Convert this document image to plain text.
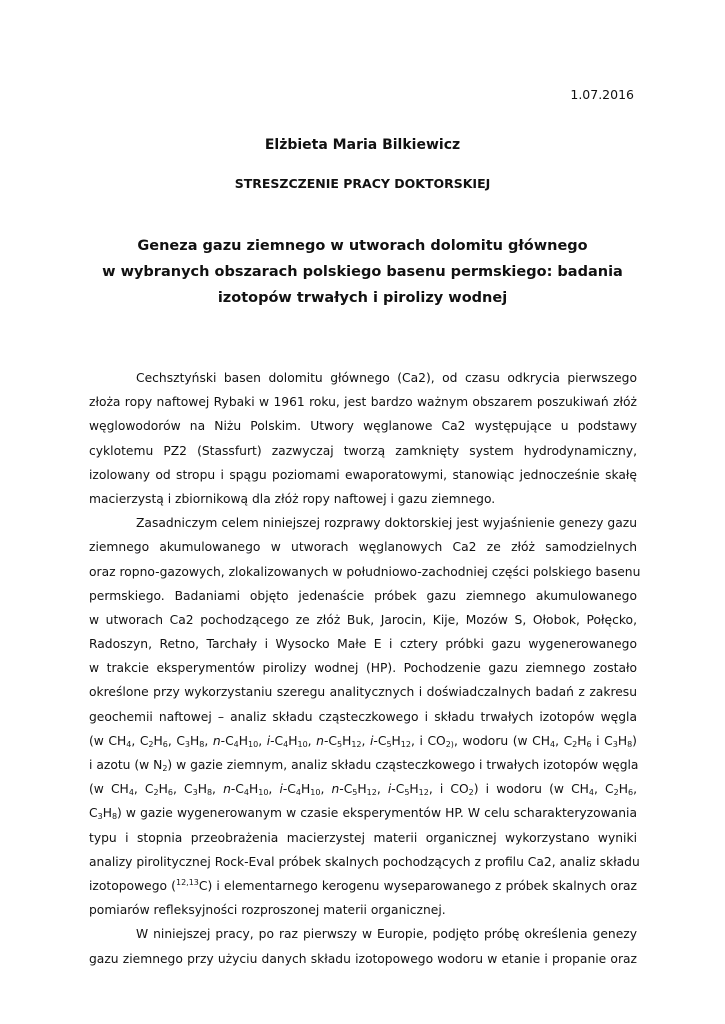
1.07.2016
Elżbieta Maria Bilkiewicz
STRESZCZENIE PRACY DOKTORSKIEJ
Geneza gazu ziemnego w utworach dolomitu głównego
w wybranych obszarach polskiego basenu permskiego: badania
izotopów trwałych i pirolizy wodnej
Cechsztyński basen dolomitu głównego (Ca2), od czasu odkrycia pierwszego
złoża ropy naftowej Rybaki w 1961 roku, jest bardzo ważnym obszarem poszukiwań złóż
węglowodorów na Niżu Polskim. Utwory węglanowe Ca2 występujące u podstawy
cyklotemu PZ2 (Stassfurt) zazwyczaj tworzą zamknięty system hydrodynamiczny,
izolowany od stropu i spągu poziomami ewaporatowymi, stanowiąc jednocześnie skałę
macierzystą i zbiornikową dla złóż ropy naftowej i gazu ziemnego.
Zasadniczym celem niniejszej rozprawy doktorskiej jest wyjaśnienie genezy gazu
ziemnego akumulowanego w utworach węglanowych Ca2 ze złóż samodzielnych
oraz ropno-gazowych, zlokalizowanych w południowo-zachodniej części polskiego basenu
permskiego. Badaniami objęto jedenaście próbek gazu ziemnego akumulowanego
w utworach Ca2 pochodzącego ze złóż Buk, Jarocin, Kije, Mozów S, Ołobok, Połęcko,
Radoszyn, Retno, Tarchały i Wysocko Małe E i cztery próbki gazu wygenerowanego
w trakcie eksperymentów pirolizy wodnej (HP). Pochodzenie gazu ziemnego zostało
określone przy wykorzystaniu szeregu analitycznych i doświadczalnych badań z zakresu
geochemii naftowej – analiz składu cząsteczkowego i składu trwałych izotopów węgla
(w $CH_4$, $C_2H_6$, $C_3H_8$, $n-C_4H_{10}$, $i-C_4H_{10}$, $n-C_5H_{12}$, $i-C_5H_{12}$, i $CO_{2)}$, wodoru (w $CH_4$, $C_2H_6$ i $C_3H_8$)
i azotu (w $N_2$) w gazie ziemnym, analiz składu cząsteczkowego i trwałych izotopów węgla
(w $CH_4$, $C_2H_6$, $C_3H_8$, $n-C_4H_{10}$, $i-C_4H_{10}$, $n-C_5H_{12}$, $i-C_5H_{12}$, i $CO_2$) i wodoru (w $CH_4$, $C_2H_6$,
$C_3H_8$) w gazie wygenerowanym w czasie eksperymentów HP. W celu scharakteryzowania
typu i stopnia przeobrażenia macierzystej materii organicznej wykorzystano wyniki
analizy pirolitycznej Rock-Eval próbek skalnych pochodzących z profilu Ca2, analiz składu
izotopowego ($^{12,13}$C) i elementarnego kerogenu wyseparowanego z próbek skalnych oraz
pomiarów refleksyjności rozproszonej materii organicznej.
W niniejszej pracy, po raz pierwszy w Europie, podjęto próbę określenia genezy
gazu ziemnego przy użyciu danych składu izotopowego wodoru w etanie i propanie oraz
